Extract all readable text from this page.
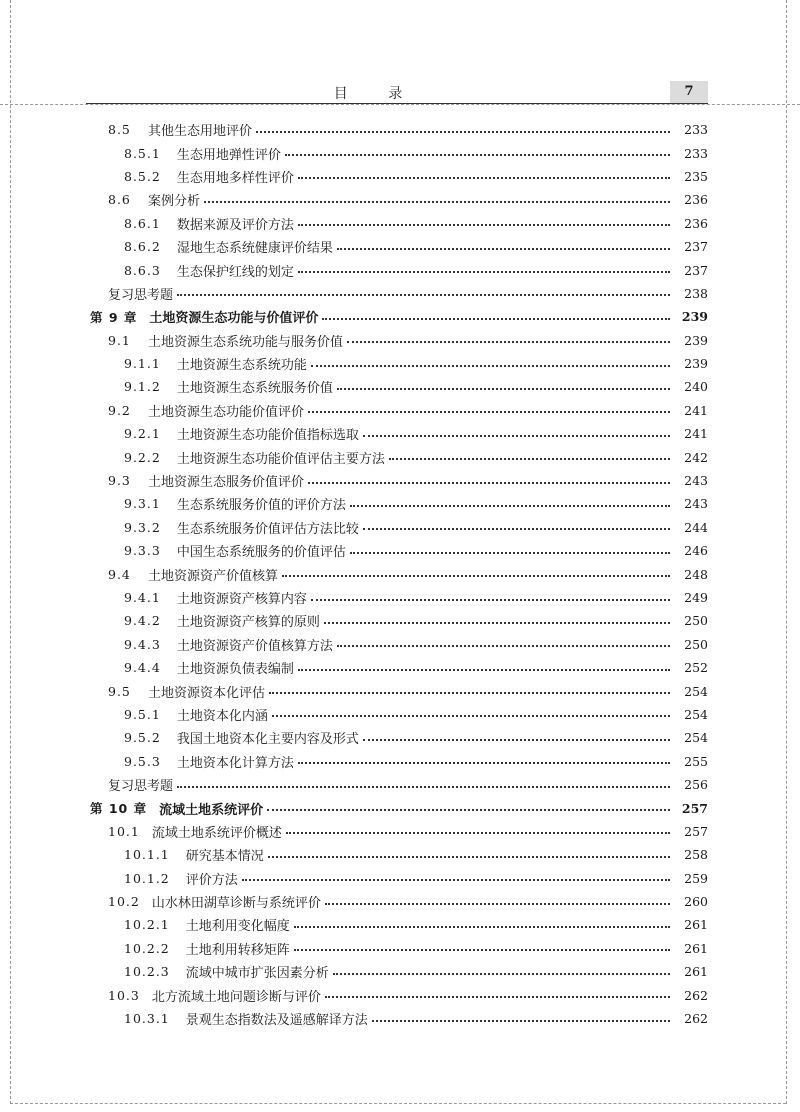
目 录	7
8.5	其他生态用地评价	233
8.5.1 生态用地弹性评价	233
8.5.2 生态用地多样性评价	235
8.6	案例分析	236
8.6.1 数据来源及评价方法	236
8.6.2 湿地生态系统健康评价结果	237
8.6.3 生态保护红线的划定	237
复习思考题	238
第 9 章 土地资源生态功能与价值评价	239
9.1	土地资源生态系统功能与服务价值	239
9.1.1 土地资源生态系统功能	239
9.1.2 土地资源生态系统服务价值	240
9.2	土地资源生态功能价值评价	241
9.2.1 土地资源生态功能价值指标选取	241
9.2.2 土地资源生态功能价值评估主要方法	242
9.3	土地资源生态服务价值评价	243
9.3.1 生态系统服务价值的评价方法	243
9.3.2 生态系统服务价值评估方法比较	244
9.3.3 中国生态系统服务的价值评估	246
9.4	土地资源资产价值核算	248
9.4.1 土地资源资产核算内容	249
9.4.2 土地资源资产核算的原则	250
9.4.3 土地资源资产价值核算方法	250
9.4.4 土地资源负债表编制	252
9.5	土地资源资本化评估	254
9.5.1 土地资本化内涵	254
9.5.2 我国土地资本化主要内容及形式	254
9.5.3 土地资本化计算方法	255
复习思考题	256
第 10 章 流域土地系统评价	257
10.1 流域土地系统评价概述	257
10.1.1 研究基本情况	258
10.1.2 评价方法	259
10.2 山水林田湖草诊断与系统评价	260
10.2.1 土地利用变化幅度	261
10.2.2 土地利用转移矩阵	261
10.2.3 流域中城市扩张因素分析	261
10.3 北方流域土地问题诊断与评价	262
10.3.1 景观生态指数法及遥感解译方法	262
